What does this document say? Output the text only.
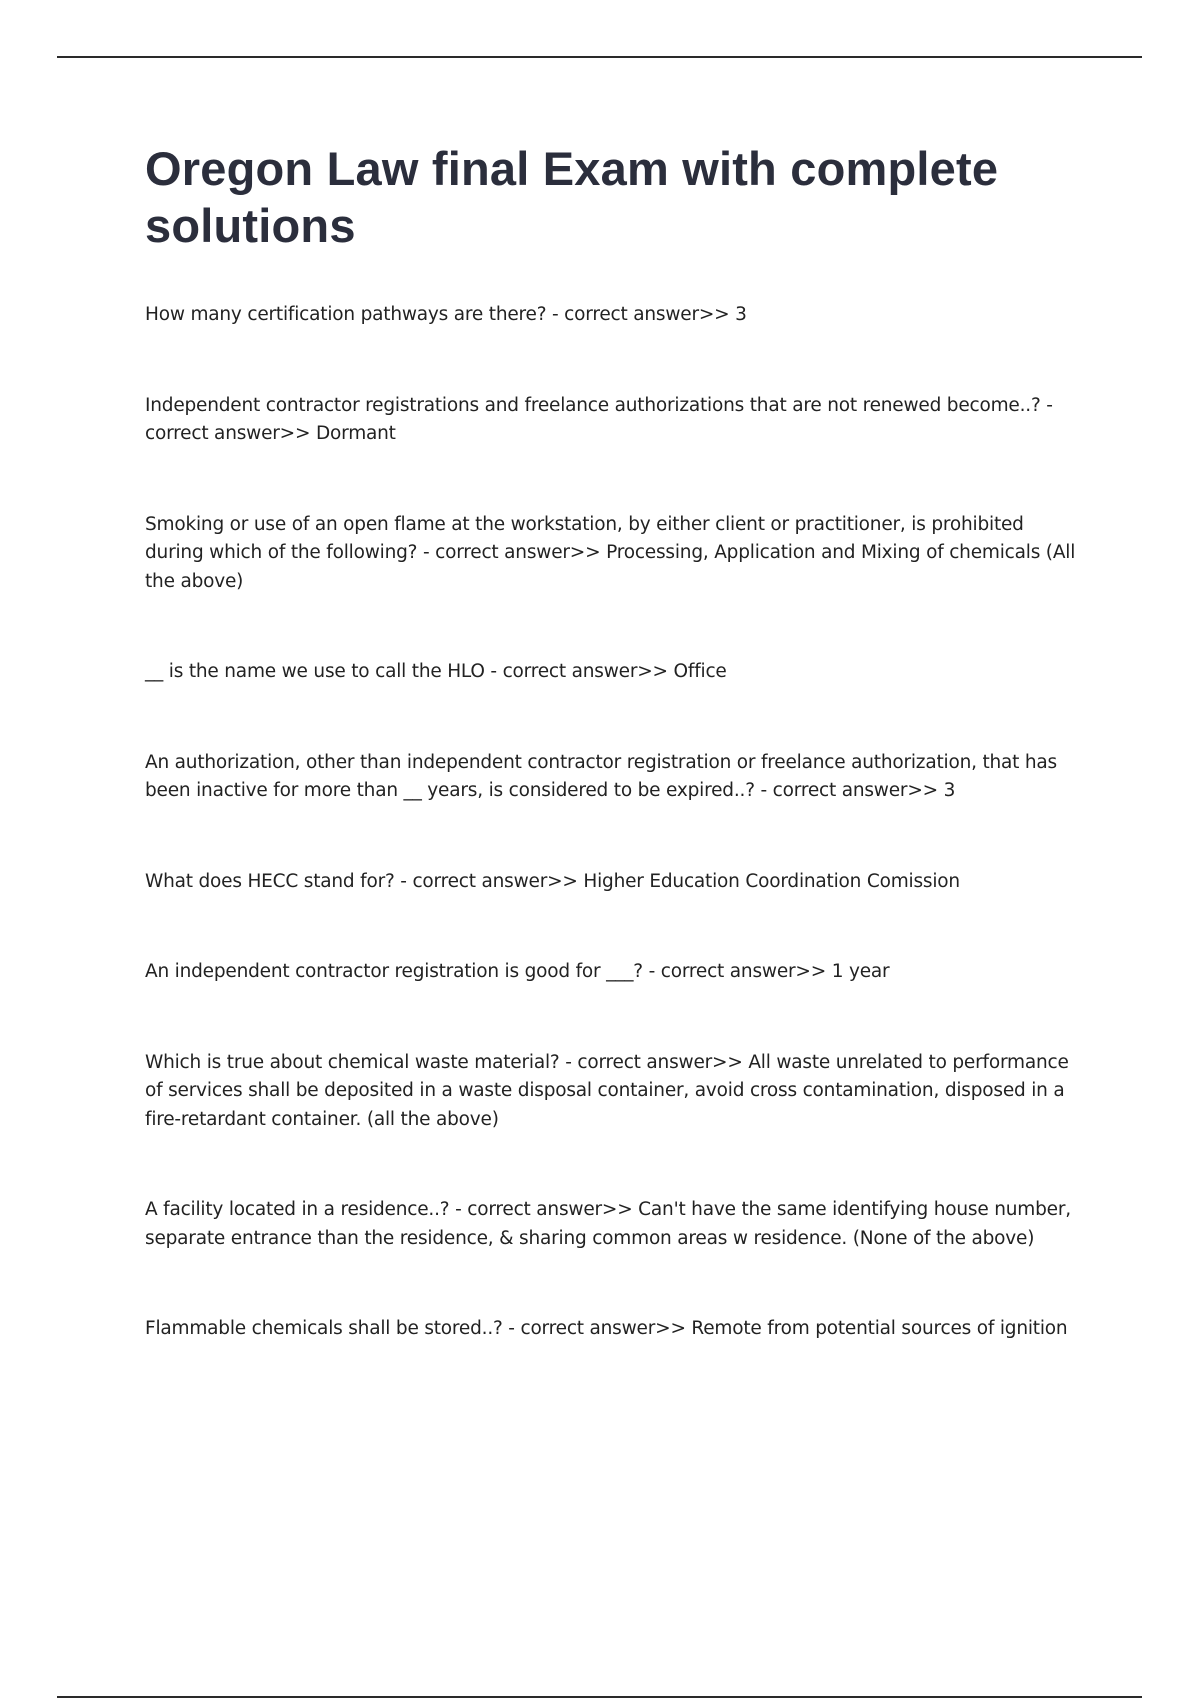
Oregon Law final Exam with complete solutions

How many certification pathways are there? - correct answer>> 3

Independent contractor registrations and freelance authorizations that are not renewed become..? - correct answer>> Dormant

Smoking or use of an open flame at the workstation, by either client or practitioner, is prohibited during which of the following? - correct answer>> Processing, Application and Mixing of chemicals (All the above)

__ is the name we use to call the HLO - correct answer>> Office

An authorization, other than independent contractor registration or freelance authorization, that has been inactive for more than __ years, is considered to be expired..? - correct answer>> 3

What does HECC stand for? - correct answer>> Higher Education Coordination Comission

An independent contractor registration is good for ___? - correct answer>> 1 year

Which is true about chemical waste material? - correct answer>> All waste unrelated to performance of services shall be deposited in a waste disposal container, avoid cross contamination, disposed in a fire-retardant container. (all the above)

A facility located in a residence..? - correct answer>> Can't have the same identifying house number, separate entrance than the residence, & sharing common areas w residence. (None of the above)

Flammable chemicals shall be stored..? - correct answer>> Remote from potential sources of ignition
